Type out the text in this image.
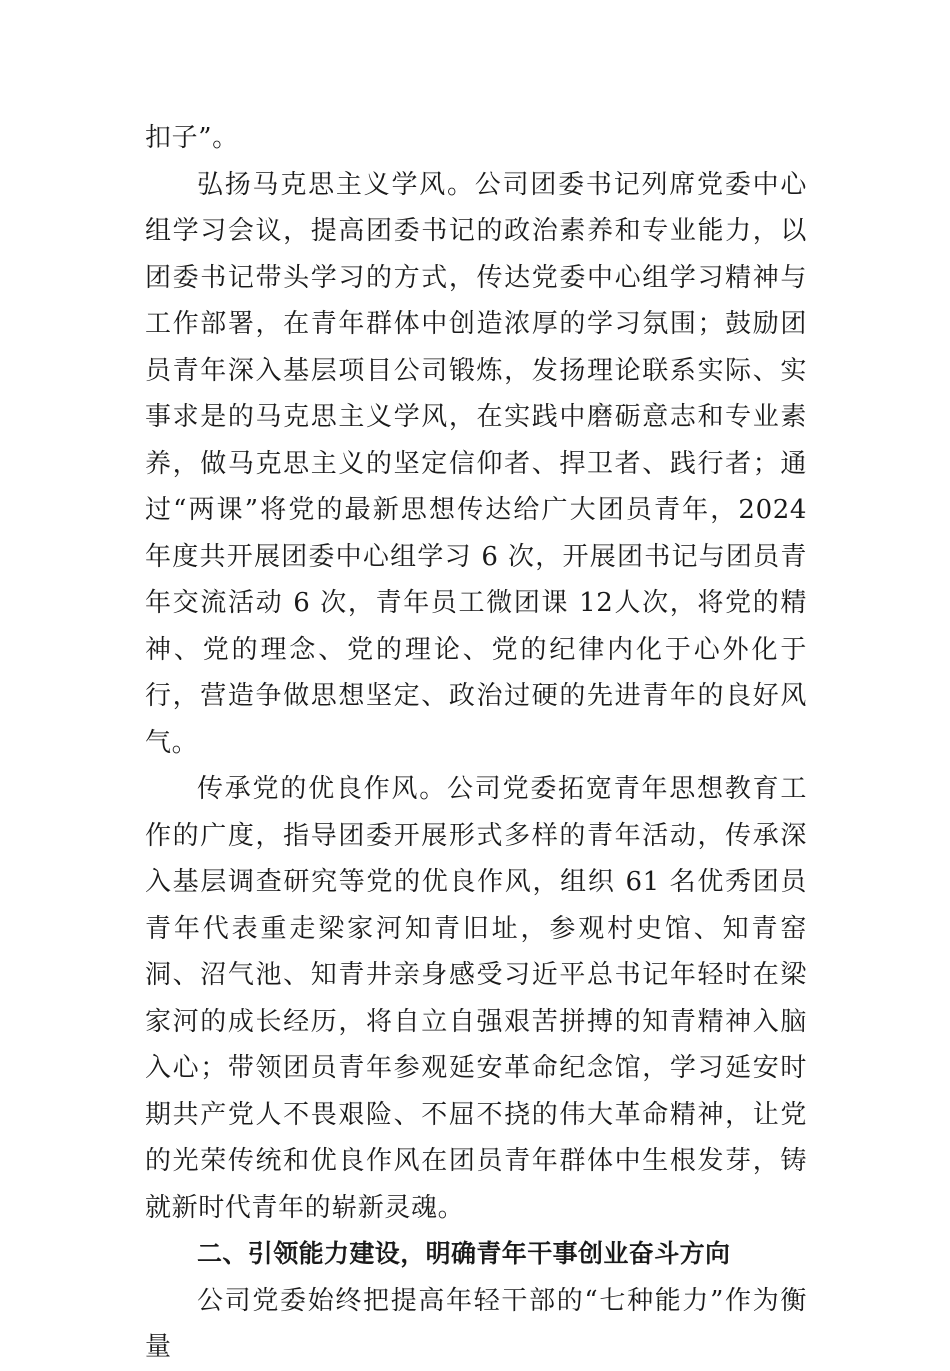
扣子”。

弘扬马克思主义学风。公司团委书记列席党委中心组学习会议，提高团委书记的政治素养和专业能力，以团委书记带头学习的方式，传达党委中心组学习精神与工作部署，在青年群体中创造浓厚的学习氛围；鼓励团员青年深入基层项目公司锻炼，发扬理论联系实际、实事求是的马克思主义学风，在实践中磨砺意志和专业素养，做马克思主义的坚定信仰者、捍卫者、践行者；通过“两课”将党的最新思想传达给广大团员青年，2024 年度共开展团委中心组学习 6 次，开展团书记与团员青年交流活动 6 次，青年员工微团课 12人次，将党的精神、党的理念、党的理论、党的纪律内化于心外化于行，营造争做思想坚定、政治过硬的先进青年的良好风气。

传承党的优良作风。公司党委拓宽青年思想教育工作的广度，指导团委开展形式多样的青年活动，传承深入基层调查研究等党的优良作风，组织 61 名优秀团员青年代表重走梁家河知青旧址，参观村史馆、知青窑洞、沼气池、知青井亲身感受习近平总书记年轻时在梁家河的成长经历，将自立自强艰苦拼搏的知青精神入脑入心；带领团员青年参观延安革命纪念馆，学习延安时期共产党人不畏艰险、不屈不挠的伟大革命精神，让党的光荣传统和优良作风在团员青年群体中生根发芽，铸就新时代青年的崭新灵魂。

二、引领能力建设，明确青年干事创业奋斗方向

公司党委始终把提高年轻干部的“七种能力”作为衡量
